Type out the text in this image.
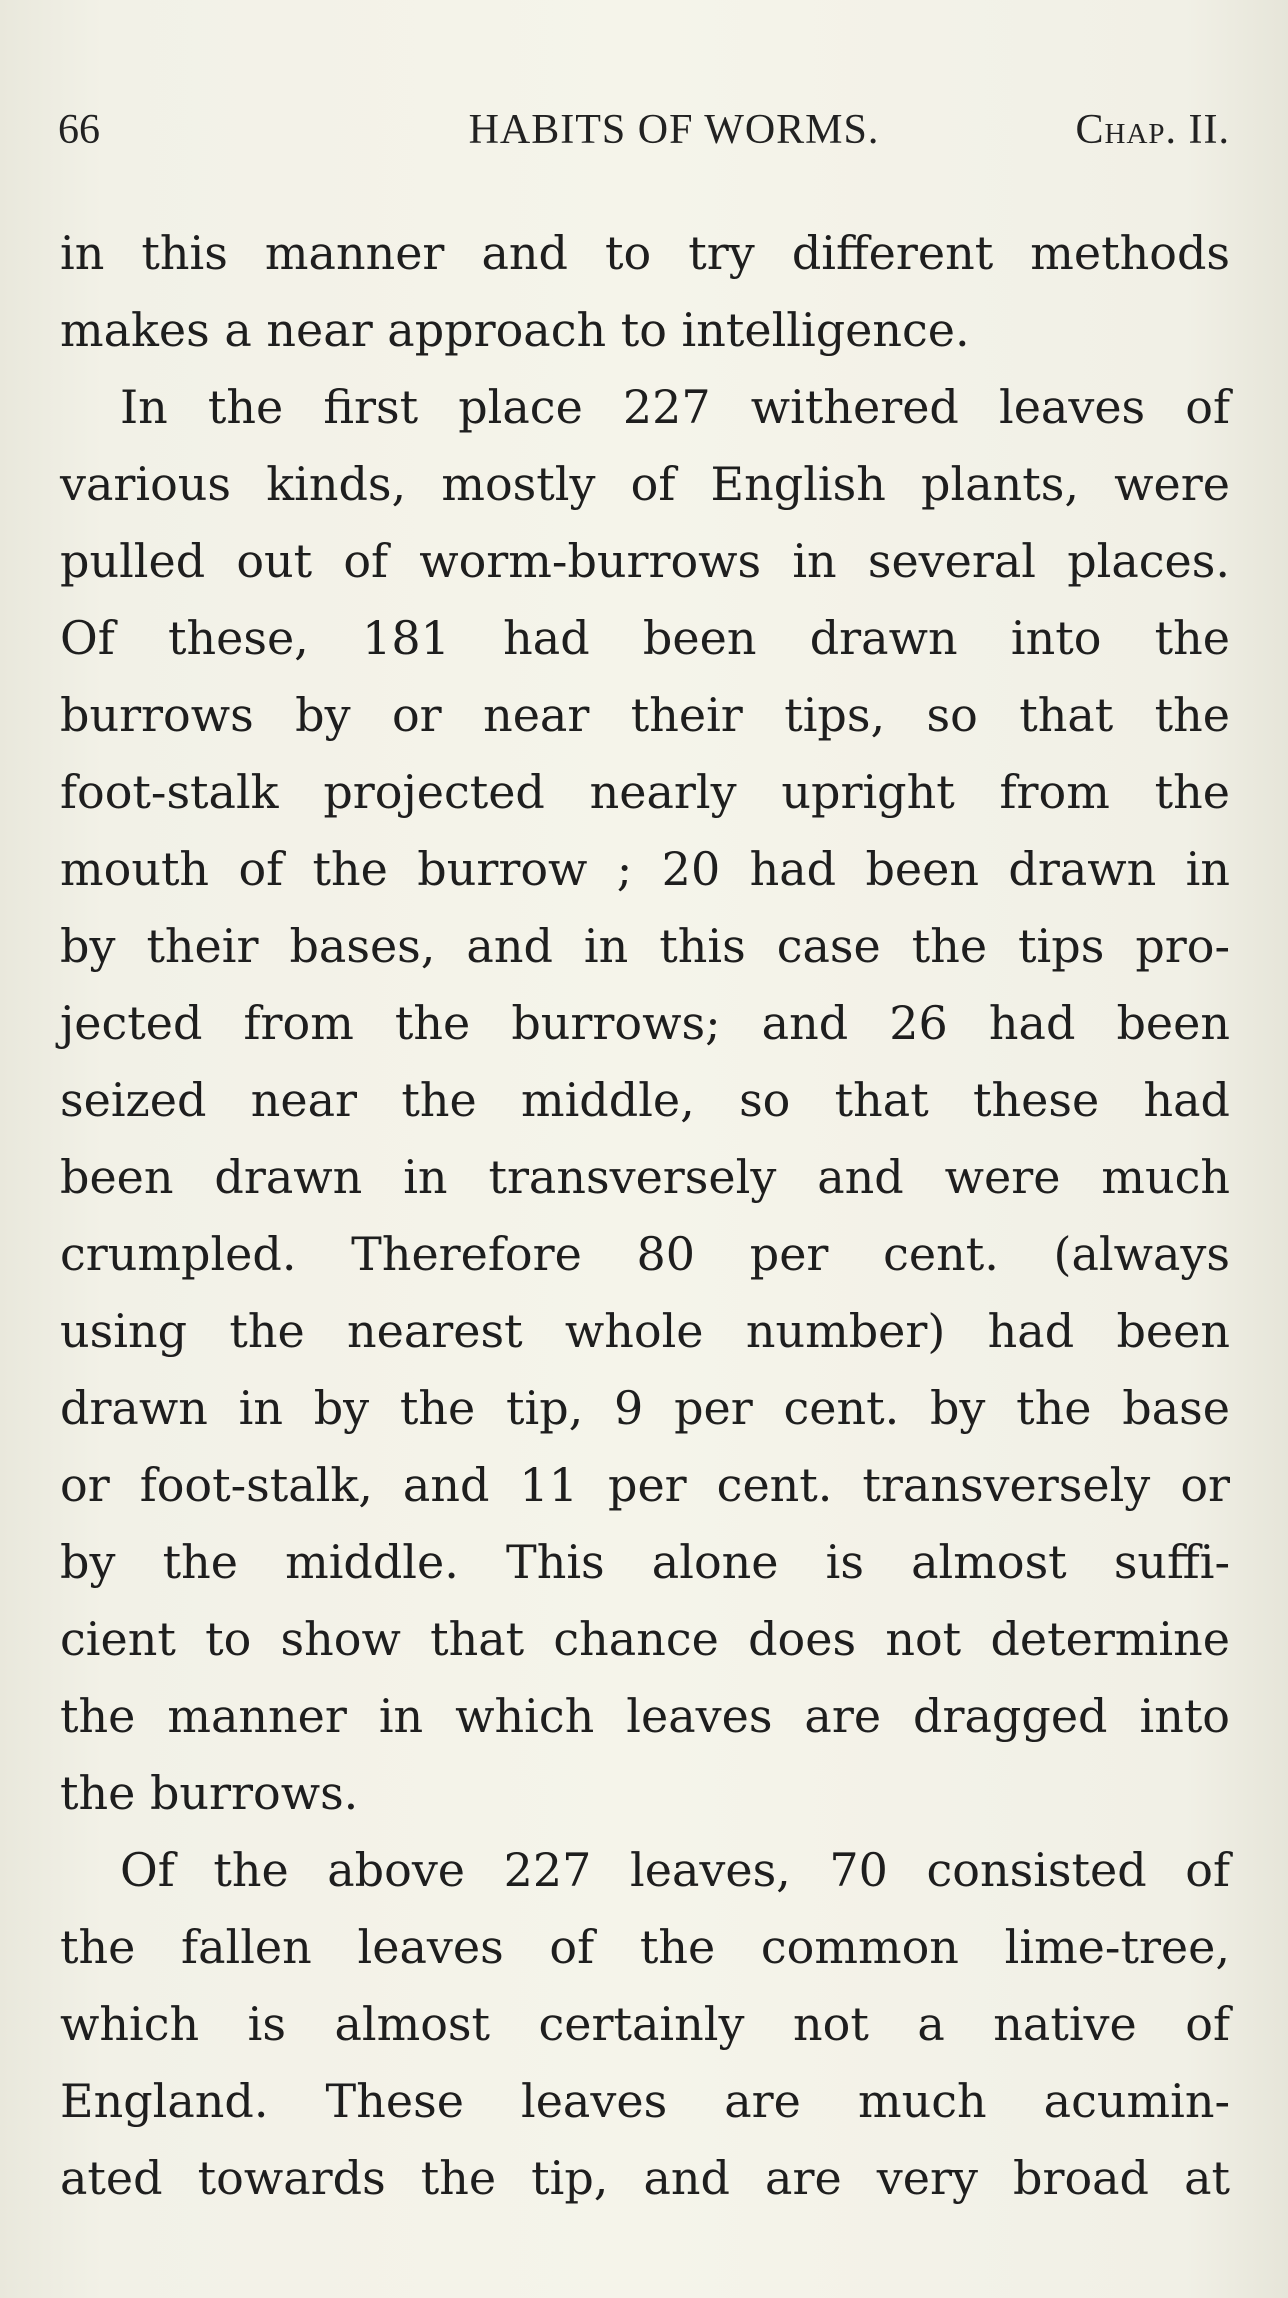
66	HABITS OF WORMS.	Chap. II.
in this manner and to try different methods
makes a near approach to intelligence.
In the first place 227 withered leaves of
various kinds, mostly of English plants, were
pulled out of worm-burrows in several places.
Of these, 181 had been drawn into the
burrows by or near their tips, so that the
foot-stalk projected nearly upright from the
mouth of the burrow ; 20 had been drawn in
by their bases, and in this case the tips pro-
jected from the burrows; and 26 had been
seized near the middle, so that these had
been drawn in transversely and were much
crumpled. Therefore 80 per cent. (always
using the nearest whole number) had been
drawn in by the tip, 9 per cent. by the base
or foot-stalk, and 11 per cent. transversely or
by the middle. This alone is almost suffi-
cient to show that chance does not determine
the manner in which leaves are dragged into
the burrows.
Of the above 227 leaves, 70 consisted of
the fallen leaves of the common lime-tree,
which is almost certainly not a native of
England. These leaves are much acumin-
ated towards the tip, and are very broad at
